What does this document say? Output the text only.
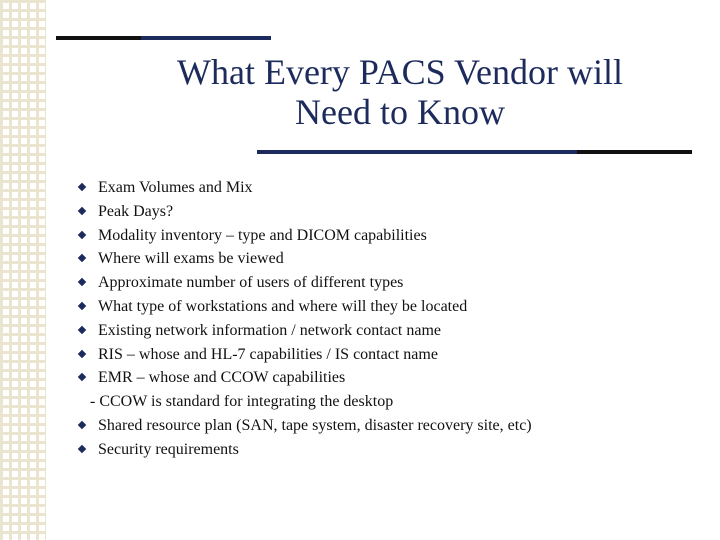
What Every PACS Vendor will
Need to Know
Exam Volumes and Mix
Peak Days?
Modality inventory – type and DICOM capabilities
Where will exams be viewed
Approximate number of users of different types
What type of workstations and where will they be located
Existing network information / network contact name
RIS – whose and HL-7 capabilities / IS contact name
EMR – whose and CCOW capabilities
- CCOW is standard for integrating the desktop
Shared resource plan (SAN, tape system, disaster recovery site, etc)
Security requirements
